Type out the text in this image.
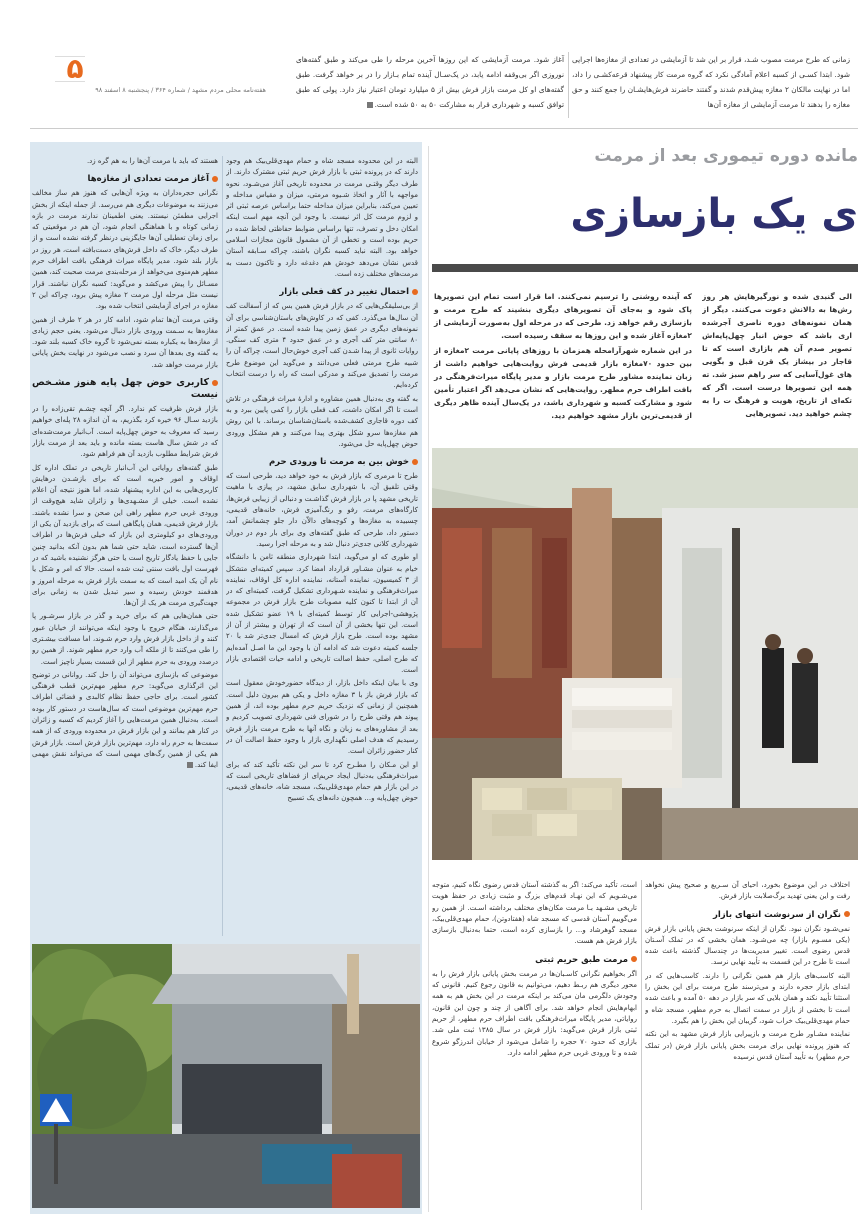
۵
هفته‌نامه محلی مردم مشهد / شماره ۳۶۴ / پنجشنبه ۸ اسفند ۹۸
زمانی که طرح مرمت مصوب شـد، قرار بر این شد تا آزمایشی در تعدادی از مغازه‌ها اجرایی شود. ابتدا کسـی از کسبه اعلام آمادگی نکرد که گروه مرمت کار پیشنهاد قرعه‌کشـی را داد، اما در نهایت مالکان ۲ مغازه پیش‌قدم شدند و گفتند حاضرند فرش‌هایشـان را جمع کنند و حق مغازه را بدهند تا مرمت آزمایشی از مغازه آن‌ها
آغاز شود. مرمت آزمایشی که این روزها آخرین مرحله را طی می‌کند و طبق گفته‌های نوروزی اگر بی‌وقفه ادامه یابد، در یک‌سـال آینده تمام بـازار را در بر خواهد گرفت. طبق گفته‌های او کل مرمت بازار فرش بیش از ۵ میلیارد تومان اعتبار نیاز دارد. پولی که طبق توافق کسبه و شهرداری قرار به مشارکت ۵۰ به ۵۰ شده است.

هستند که باید با مرمت آن‌ها را به هم گره زد.

آغاز مرمت تعدادی از مغازه‌ها

نگرانی حجره‌داران به ویژه آن‌هایی که هنوز هم ساز مخالف می‌زنند به موضوعات دیگری هم می‌رسد. از جمله اینکه از بخش اجرایی مطمئن نیستند. یعنی اطمینان ندارند مرمت در بازه زمانی کوتاه و با هماهنگی انجام شود، آن هم در موقعیتی که برای زمان تعطیلی آن‌ها جایگزینی درنظر گرفته نشده است و از طرف دیگر، خاک که داخل فرش‌های دست‌بافته است، هر روز در بازار بلند شود. مدیر پایگاه میراث فرهنگی بافت اطراف حرم مطهر هم‌منوی می‌خواهد از مرحله‌بندی مرمت صحبت کند، همین مسـائل را پیش می‌کشد و می‌گوید: کسبه نگران نباشند. قرار نیست مثل مرحله اول مرمت ۲ مغازه پیش برود، چراکه این ۲ مغازه در اجرای آزمایشی انتخاب شده بود.

وقتی مرمت آن‌ها تمام شود، ادامه کار در هر ۲ طرف از همین مغازه‌ها به سـمت ورودی بازار دنبال می‌شود. یعنی حجم زیادی از مغازه‌ها به یکباره بسته نمی‌شود تا گروه خاک کسبه بلند شود. به گفته وی بعدها آن سرد و نصب می‌شود در نهایت بخش پایانی بازار مرمت خواهد شد.

کاربری حوض چهل پایه هنوز مشـخص نیست

بازار فرش ظرفیت کم ندارد. اگر آنچه چشـم تقی‌زاده را در بازدید سـال ۹۶ خیره کرد بگذریم، به آن‌ اندازه ۲۸ پله‌ای خواهیم رسید که معروف به حوض چهل‌پایه است. آب‌انبار مرمت‌شده‌ای که در شش سال هاست بسته مانده و باید بعد از مرمت بازار فرش شرایط مطلوب بازدید آن هم فراهم شود.

طبق گفته‌های روایاتی این آب‌انبار تاریخی در تملک اداره کل اوقاف و امور خیریه است که برای بازشـدن درهایش کاربری‌هایی به این اداره پیشنهاد شده، اما هنوز نتیجه آن اعلام نشده است. خیلی از مشـهدی‌ها و زائران شاید هیچ‌وقت از ورودی غربی حرم مطهر راهی این صحن و سرا نشده باشند. بازار فرش قدیمی، همان پایگاهی است که برای بازدید آن یکی از ورودی‌های دو کیلومتری این بازار که خیلی فرش‌ها در اطراف آن‌ها گسترده است، شاید حتی شما هم بدون آنکه بدانید چنین جایی با حفظ یادگار تاریخ است یا حتی هرگز نشنیده باشید که در فهرست اول بافت سنتی ثبت شده است. حالا که امر و شکل یا نام آن یک امید است که به سمت بازار فرش به مرحله امروز و هدفمند خودش رسیده و سیر تبدیل شدن به زمانی برای جهت‌گیری مرمت هر یک از آن‌ها.

حتی همان‌هایی هم که برای خرید و گذر در بازار سرشـور پا می‌گذارند، هنگام خروج با وجود اینکه می‌توانند از خیابان عبور کنند و از داخل بازار فرش وارد حرم شـوند، اما مسافت بیشـتری را طی می‌کنند تا از ملکه آب وارد حرم مطهر شوند. از همین رو درصدد ورودی به حرم مطهر از این قسمت بسیار ناچیز است.

موضوعی که بازسازی می‌تواند آن را حل کند. روانانی در توضیح این اثرگذاری می‌گوید: حرم مطهر مهم‌ترین قطب فرهنگی کشور است. برای حاجی حفظ نظام کالبدی و فضائی اطراف حرم مهم‌ترین موضوعی است که سال‌هاست در دستور کار بوده است. به‌دنبال همین مرمت‌هایی را آغاز کردیم که کسبه و زائران در کنار هم بمانند و این بازار فرش در محدوده ورودی که از همه سمت‌ها به حرم راه دارد، مهم‌ترین بازار فرش است. بازار فرش هم یکی از همین رگ‌های مهمی است که می‌تواند نقش مهمی ایفا کند.

البته در این محدوده مسجد شاه و حمام مهدی‌قلی‌بیک هم وجود دارند که در پرونده ثبتی با بازار فرش حریم ثبتی مشترک دارند. از طرف دیگر وقتـی مرمت در محدوده تاریخی آغاز می‌شـود، نحوه مواجهه با آثار و اتخاذ شـیوه مرمتی، میزان و مقیاس مداخله و تعیین می‌کند، بنابراین میزان مداخله حتما براساس عرصه ثبتی اثر و لزوم مرمت کل اثر نیست. با وجود این آنچه مهم است اینکه امکان دخل و تصرف، تنها براساس ضوابط حفاظتی لحاظ شده در حریم بوده است و تخطی از آن مشمول قانون مجازات اسلامی خواهد بود. البته نباید کسبه نگران باشند، چراکه سـابقه آستان قدس نشان می‌دهد خودش هم دغدغه دارد و تاکنون دست به مرمت‌های مختلف زده است.

احتمال تغییر در کف فعلی بازار

از بی‌سلیقگی‌هایی که در بازار فرش همین بس که از آسفالت کف آن سال‌ها می‌گذرد. کفی که در کاوش‌های باستان‌شناسی برای آن نمونه‌های دیگری در عمق زمین پیدا شده است. در عمق کمتر از ۸۰ سانتی متر کف آجری و در عمق حدود ۴ متری کف سنگی. روایات ثانوی از پیدا شـدن کف آجری خوش‌حال است، چراکه آن را شبیه طرح مرمتی فعلی می‌دانند و می‌گوید این موضوع طرح مرمت را تصدیق می‌کند و مدرکی است که راه را درست انتخاب کرده‌ایم.

به گفته وی به‌دنبال همین مشاوره و ادارۀ میراث فرهنگی در تلاش است تا اگر امکان داشت، کف فعلی بازار را کمی پایین ببرد و به کف دوره قاجاری کشف‌شده باستان‌شناسان برساند. با این روش هم مغازه‌ها سرو شکل بهتری پیدا می‌کنند و هم مشکل ورودی حوض چهل‌پایه حل می‌شود.

خوش بین به مرمت تا ورودی حرم

طرح تا مرمری که بازار فرش به خود خواهد دید، طرحی است که وقتی تلفیق آن، با شهرداری سابق مشهد، در پیازی با ماهیت تاریخی مشهد پا در بازار فرش گذاشـت و دنبالی از زیبایی فرش‌ها، کارگاه‌های مرمت، رفو و رنگ‌آمیزی فرش، خانه‌های قدیمی، چسبیده به مغازه‌ها و کوچه‌های دالاّن دار جلو چشمانش آمد، دستور داد، طرحی که طبق گفته‌های وی برای بار دوم در دوران شهرداری کلانی جدی‌تر دنبال شد و به مرحله اجرا رسید.

او طوری که او می‌گوید، ابتدا شهرداری منطقه ثامن با دانشگاه خیام به عنوان مشـاور قرارداد امضا کرد. سپس کمیته‌ای متشکل از ۳ کمیسیون، نماینده آستانه، نماینده اداره کل اوقاف، نماینده میراث‌فرهنگی و نماینده شـهرداری تشکیل گرفت، کمیته‌ای که در آن از ابتدا تا کنون کلیه مصوبات طرح بازار فرش در مجموعه پژوهشی-اجرایی کار توسط کمیته‌ای با ۱۹ عضو تشکیل شده است. این تنها بخشی از آن است که از تهران و بیشتر از آن از مشهد بوده است. طرح بازار فرش که امسال جدی‌تر شد با ۲۰ جلسه کمیته دعوت شد که ادامه آن با وجود این ما اصـل آمده‌ایم که طرح اصلی، حفظ اصالت تاریخی و ادامه حیات اقتصادی بازار است.

وی با بیان اینکه داخل بازار، از دیدگاه حضورخودش معقول است که بازار فرش باز با ۳ مغازه داخل و یکی هم بیرون دلیل است. همچنین از زمانی که نزدیک حریم حرم مطهر بوده اند، از همین پیوند هم وقتی طرح را در شورای فنی شهرداری تصویب کردیم و بعد از مشاوره‌های به زبان و نگاه آنها به طرح مرمت بازار فرش رسیدیم که هدف اصلی نگهداری بازار با وجود حفظ اصالت آن در کنار حضور زائران است.

او این مـکان را مطـرح کرد تا سر این نکته تأکید کند که برای میراث‌فرهنگی به‌دنبال ایجاد حریم‌ای از فضاهای تاریخی است که در این بازار هم حمام مهدی‌قلی‌بیک، مسجد شاه، خانه‌های قدیمی، حوض چهل‌پایه و... همچون دانه‌های یک تسبیح

مانده دوره تیموری بعد از مرمت
ی یک بازسازی

که آینده روشنی را ترسیم نمی‌کنند. اما قرار است تمام این تصویرها پاک شود و به‌جای آن تصویرهای دیگری بنشیند که طرح مرمت و بازسازی رقم خواهد زد. طرحی که در مرحله اول به‌صورت آزمایشی از ۲مغازه آغاز شده و این روزها به سقف رسیده است.

در این شماره شهرآرامحله همزمان با روزهای پایانی مرمت ۲مغازه از بین حدود ۷۰مغازه بازار قدیمی فرش روایت‌هایی خواهیم داشت از زبان نماینده مشاور طرح مرمت بازار و مدیر پایگاه میراث‌فرهنگی در بافت اطراف حرم مطهر. روایت‌هایی که نشان می‌دهد اگر اعتبار تأمین شود و مشارکت کسبه و شهرداری باشد، در یک‌سال آینده ظاهر دیگری از قدیمی‌ترین بازار مشهد خواهیم دید.

الی گنبدی شده و نورگیرهایش هر روز رش‌ها به دالانش دعوت می‌کنند. دیگر از همان نمونه‌های دوره ناصری آجرشده اری باشد که حوض انبار چهل‌پایه‌اش تصویر صدم آن هم بازاری است که تا قاجار در بیشاز یک قرن قبل و بگویی های غول‌آسایی که سر راهم سبز شد. ته همه این تصویرها درست است. اگر که تکه‌ای از تاریخ، هویت و فرهنگ ت را به چشم خواهید دید. تصویرهایی

اختلاف در این موضوع بخورد، احیای آن سـریع و صحیح پیش نخواهد رفت و این یعنی تهدید برگ‌صلابت بازار فرش.

نگران از سرنوشت انتهای بازار

نمی‌شـود نگران نبود. نگران از اینکه سرنوشت بخش پایانی بازار فرش (یکی مسـوم بازار) چه می‌شـود. همان بخشی که در تملک آسـتان قدس رضوی است. تغییر مدیریت‌ها در چندسال گذشته باعث شده است تا طرح در این قسمت به تأیید نهایی نرسد.

البته کاسب‌های بازار هم همین نگرانی را دارند. کاسب‌هایی که در ابتدای بازار حجره دارند و می‌ترسند طرح مرمت برای این بخش را استثنا تأیید نکند و همان بلایی که سر بازار در دهه ۵۰ آمده و باعث شده است تا بخشی از بازار در سمت اتصال به حرم مطهر، مسجد شاه و حمام مهدی‌قلی‌بیک خراب شود، گریبان این بخش را هم بگیرد.

نماینده مشـاور طرح مرمت و بازپیرایی بازار فرش مشهد به این نکته که هنوز پرونده نهایی برای مرمت بخش پایانی بازار فرش (در تملک حرم مطهر) به تأیید آستان قدس نرسیده

است، تأکید می‌کند: اگر به گذشته آستان قدس رضوی نگاه کنیم، متوجه می‌شـویم که این نهـاد قدم‌های بزرگ و مثبت زیادی در حفظ هویت تاریخی مشـهد بـا مرمت مکان‌های مختلف برداشته اسـت. از همین رو می‌گوییم آستان قدسی که مسجد شاه (هفتادوتن)، حمام مهدی‌قلی‌بیک، مسجد گوهرشاد و... را بازسازی کرده است، حتما به‌دنبال بازسازی بازار فرش هم هست.

مرمت طبق حریم ثبتی

اگر بخواهیم نگرانی کاسـبان‌ها در مرمت بخش پایانی بازار فرش را به محور دیگری هم ربـط دهیم، می‌توانیم به قانون رجوع کنیم. قانونی که وجودش دلگرمی مان می‌کند بر اینکه مرمت در این بخش هم به همه ابهام‌هایش انجام خواهد شد. برای آگاهی از چند و چون این قانون، روایاتی، مدیر پایگاه میراث‌فرهنگی بافت اطراف حرم مطهر، از حریم ثبتی بازار فرش می‌گوید: بازار فرش در سال ۱۳۸۵ ثبت ملی شد. بازاری که حدود ۷۰ حجره را شامل می‌شود از خیابان اندرزگو شروع شده و تا ورودی غربی حرم مطهر ادامه دارد.
